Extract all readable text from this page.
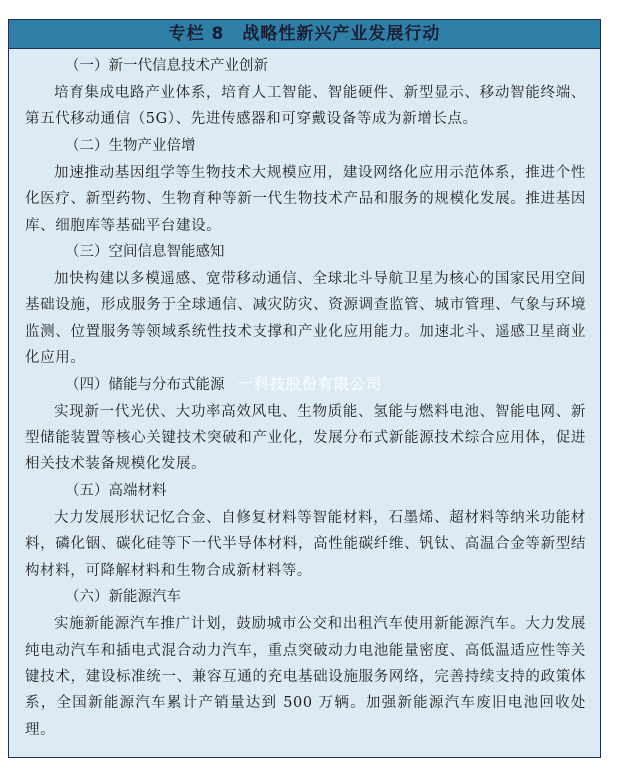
专栏 8 战略性新兴产业发展行动
（一）新一代信息技术产业创新

培育集成电路产业体系，培育人工智能、智能硬件、新型显示、移动智能终端、第五代移动通信（5G）、先进传感器和可穿戴设备等成为新增长点。

（二）生物产业倍增

加速推动基因组学等生物技术大规模应用，建设网络化应用示范体系，推进个性化医疗、新型药物、生物育种等新一代生物技术产品和服务的规模化发展。推进基因库、细胞库等基础平台建设。

（三）空间信息智能感知

加快构建以多模遥感、宽带移动通信、全球北斗导航卫星为核心的国家民用空间基础设施，形成服务于全球通信、减灾防灾、资源调查监管、城市管理、气象与环境监测、位置服务等领域系统性技术支撑和产业化应用能力。加速北斗、遥感卫星商业化应用。

（四）储能与分布式能源

实现新一代光伏、大功率高效风电、生物质能、氢能与燃料电池、智能电网、新型储能装置等核心关键技术突破和产业化，发展分布式新能源技术综合应用体，促进相关技术装备规模化发展。

（五）高端材料

大力发展形状记忆合金、自修复材料等智能材料，石墨烯、超材料等纳米功能材料，磷化铟、碳化硅等下一代半导体材料，高性能碳纤维、钒钛、高温合金等新型结构材料，可降解材料和生物合成新材料等。

（六）新能源汽车

实施新能源汽车推广计划，鼓励城市公交和出租汽车使用新能源汽车。大力发展纯电动汽车和插电式混合动力汽车，重点突破动力电池能量密度、高低温适应性等关键技术，建设标准统一、兼容互通的充电基础设施服务网络，完善持续支持的政策体系，全国新能源汽车累计产销量达到 500 万辆。加强新能源汽车废旧电池回收处理。

一科技股份有限公司
